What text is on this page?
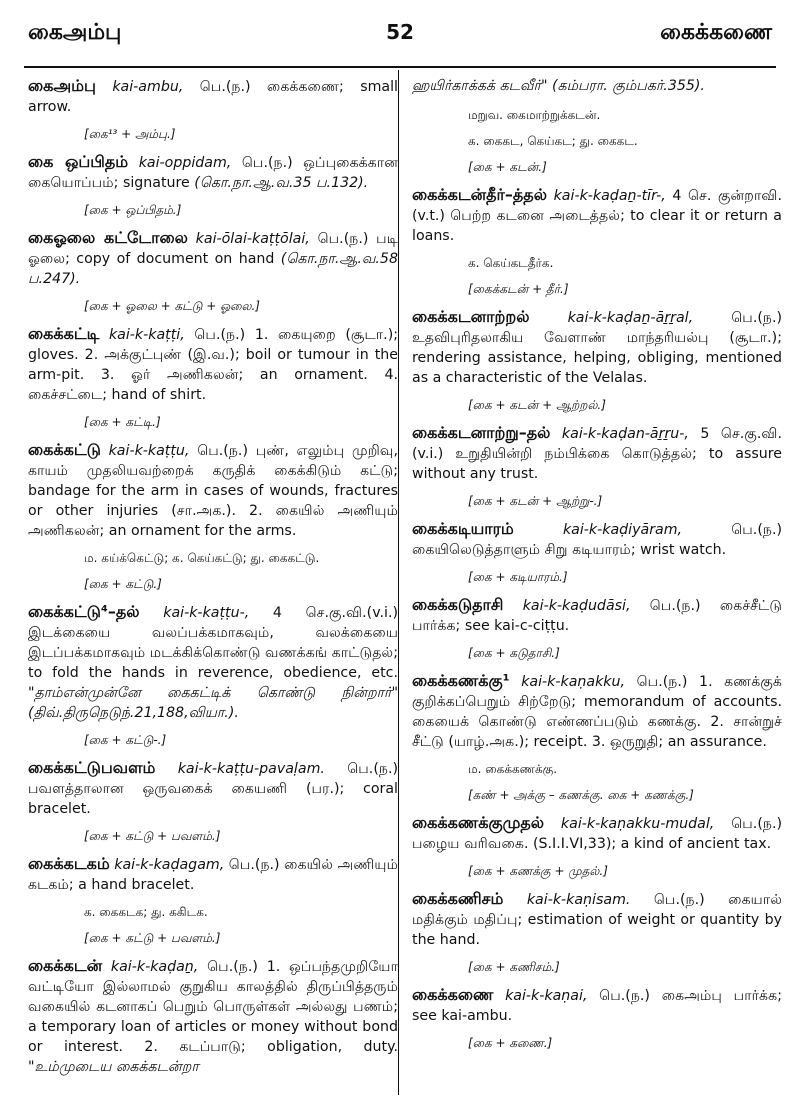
கைஅம்பு	52	கைக்கணை

கைஅம்பு kai-ambu, பெ.(ந.) கைக்கணை; small arrow.

[கை¹³ + அம்பு.]

கை ஒப்பிதம் kai-oppidam, பெ.(ந.) ஒப்புகைக்கான கையொப்பம்; signature (கொ.நா.ஆ.வ.35 ப.132).

[கை + ஒப்பிதம்.]

கைஓலை கட்டோலை kai-ōlai-kaṭṭōlai, பெ.(ந.) படி ஓலை; copy of document on hand (கொ.நா.ஆ.வ.58 ப.247).

[கை + ஓலை + கட்டு + ஓலை.]

கைக்கட்டி kai-k-kaṭṭi, பெ.(ந.) 1. கையுறை (சூடா.); gloves. 2. அக்குட்புண் (இ.வ.); boil or tumour in the arm-pit. 3. ஓர் அணிகலன்; an ornament. 4. கைச்சட்டை; hand of shirt.

[கை + கட்டி.]

கைக்கட்டு kai-k-kaṭṭu, பெ.(ந.) புண், எலும்பு முறிவு, காயம் முதலியவற்றைக் கருதிக் கைக்கிடும் கட்டு; bandage for the arm in cases of wounds, fractures or other injuries (சா.அக.). 2. கையில் அணியும் அணிகலன்; an ornament for the arms.

ம. கய்க்கெட்டு; க. கெய்கட்டு; து. கைகட்டு.
[கை + கட்டு.]

கைக்கட்டு⁴–தல் kai-k-kaṭṭu-, 4 செ.கு.வி.(v.i.) இடக்கையை வலப்பக்கமாகவும், வலக்கையை இடப்பக்கமாகவும் மடக்கிக்கொண்டு வணக்கங் காட்டுதல்; to fold the hands in reverence, obedience, etc. "தாம்என்முன்னே கைகட்டிக் கொண்டு நின்றார்" (திவ்.திருநெடுந்.21,188,வியா.).

[கை + கட்டு-.]

கைக்கட்டுபவளம் kai-k-kaṭṭu-pavaḷam. பெ.(ந.) பவளத்தாலான ஒருவகைக் கையணி (பர.); coral bracelet.

[கை + கட்டு + பவளம்.]

கைக்கடகம் kai-k-kaḍagam, பெ.(ந.) கையில் அணியும் கடகம்; a hand bracelet.

க. கைகடக; து. ககிடக.
[கை + கட்டு + பவளம்.]

கைக்கடன் kai-k-kaḍaṉ, பெ.(ந.) 1. ஒப்பந்தமுறியோ வட்டியோ இல்லாமல் குறுகிய காலத்தில் திருப்பித்தரும் வகையில் கடனாகப் பெறும் பொருள்கள் அல்லது பணம்; a temporary loan of articles or money without bond or interest. 2. கடப்பாடு; obligation, duty. "உம்முடைய கைக்கடன்றா

ஹயிர்காக்கக் கடவீர்" (கம்பரா. கும்பகர்.355).
மறுவ. கைமாற்றுக்கடன்.
க. கைகட, கெய்கட; து. கைகட.
[கை + கடன்.]

கைக்கடன்தீர்–த்தல் kai-k-kaḍaṉ-tīr-, 4 செ. குன்றாவி.(v.t.) பெற்ற கடனை அடைத்தல்; to clear it or return a loans.

க. கெய்கடதீர்க.
[கைக்கடன் + தீர்.]

கைக்கடனாற்றல்	kai-k-kaḍaṉ-āṟṟal,	பெ.(ந.) உதவிபுரிதலாகிய வேளாண் மாந்தரியல்பு (சூடா.); rendering assistance, helping, obliging, mentioned as a characteristic of the Velalas.

[கை + கடன் + ஆற்றல்.]

கைக்கடனாற்று–தல் kai-k-kaḍan-āṟṟu-, 5 செ.கு.வி.(v.i.) உறுதியின்றி நம்பிக்கை கொடுத்தல்; to assure without any trust.

[கை + கடன் + ஆற்று-.]

கைக்கடியாரம்	kai-k-kaḍiyāram,	பெ.(ந.) கையிலெடுத்தாளும் சிறு கடியாரம்; wrist watch.

[கை + கடியாரம்.]

கைக்கடுதாசி kai-k-kaḍudāsi, பெ.(ந.) கைச்சீட்டு பார்க்க; see kai-c-ciṭṭu.

[கை + கடுதாசி.]

கைக்கணக்கு¹ kai-k-kaṇakku, பெ.(ந.) 1. கணக்குக் குறிக்கப்பெறும் சிற்றேடு; memorandum of accounts. கையைக் கொண்டு எண்ணப்படும் கணக்கு. 2. சான்றுச் சீட்டு (யாழ்.அக.); receipt. 3. ஒருறுதி; an assurance.

ம. கைக்கணக்கு.
[கண் + அக்கு – கணக்கு. கை + கணக்கு.]

கைக்கணக்குமுதல் kai-k-kaṇakku-mudal, பெ.(ந.) பழைய வரிவகை. (S.I.I.VI,33); a kind of ancient tax.

[கை + கணக்கு + முதல்.]

கைக்கணிசம் kai-k-kaṇisam. பெ.(ந.) கையால் மதிக்கும் மதிப்பு; estimation of weight or quantity by the hand.

[கை + கணிசம்.]

கைக்கணை kai-k-kaṇai, பெ.(ந.) கைஅம்பு பார்க்க; see kai-ambu.

[கை + கணை.]
